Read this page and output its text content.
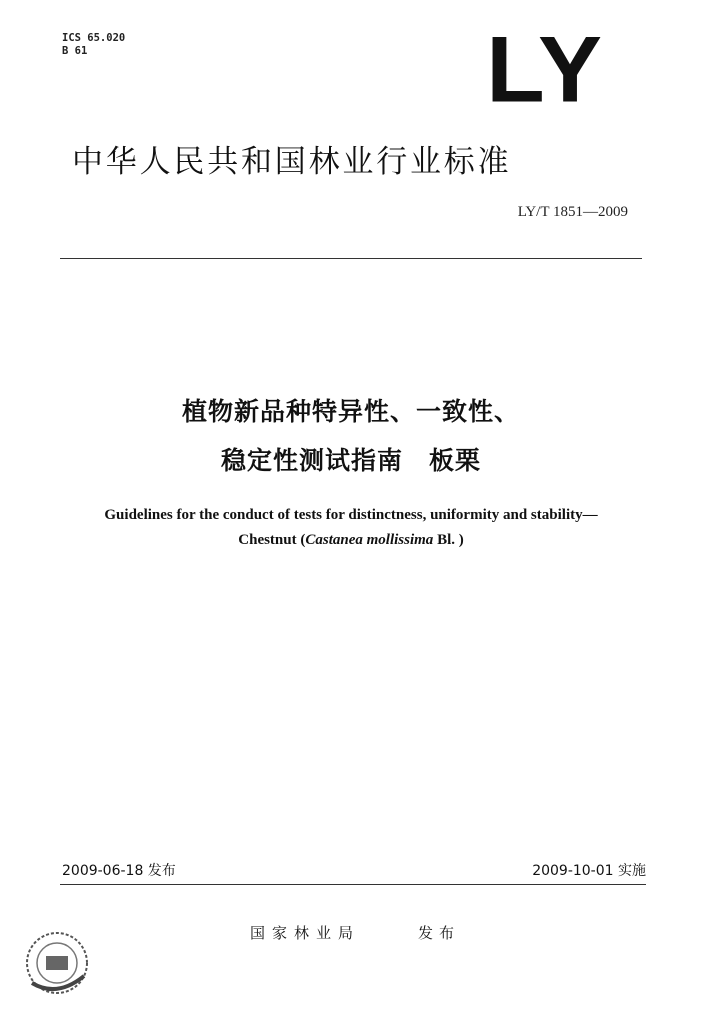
ICS 65.020
B 61	LY
中华人民共和国林业行业标准
LY/T 1851—2009
植物新品种特异性、一致性、
稳定性测试指南　板栗
Guidelines for the conduct of tests for distinctness, uniformity and stability—
Chestnut (Castanea mollissima Bl. )
2009-06-18 发布	2009-10-01 实施
国家林业局	发布
